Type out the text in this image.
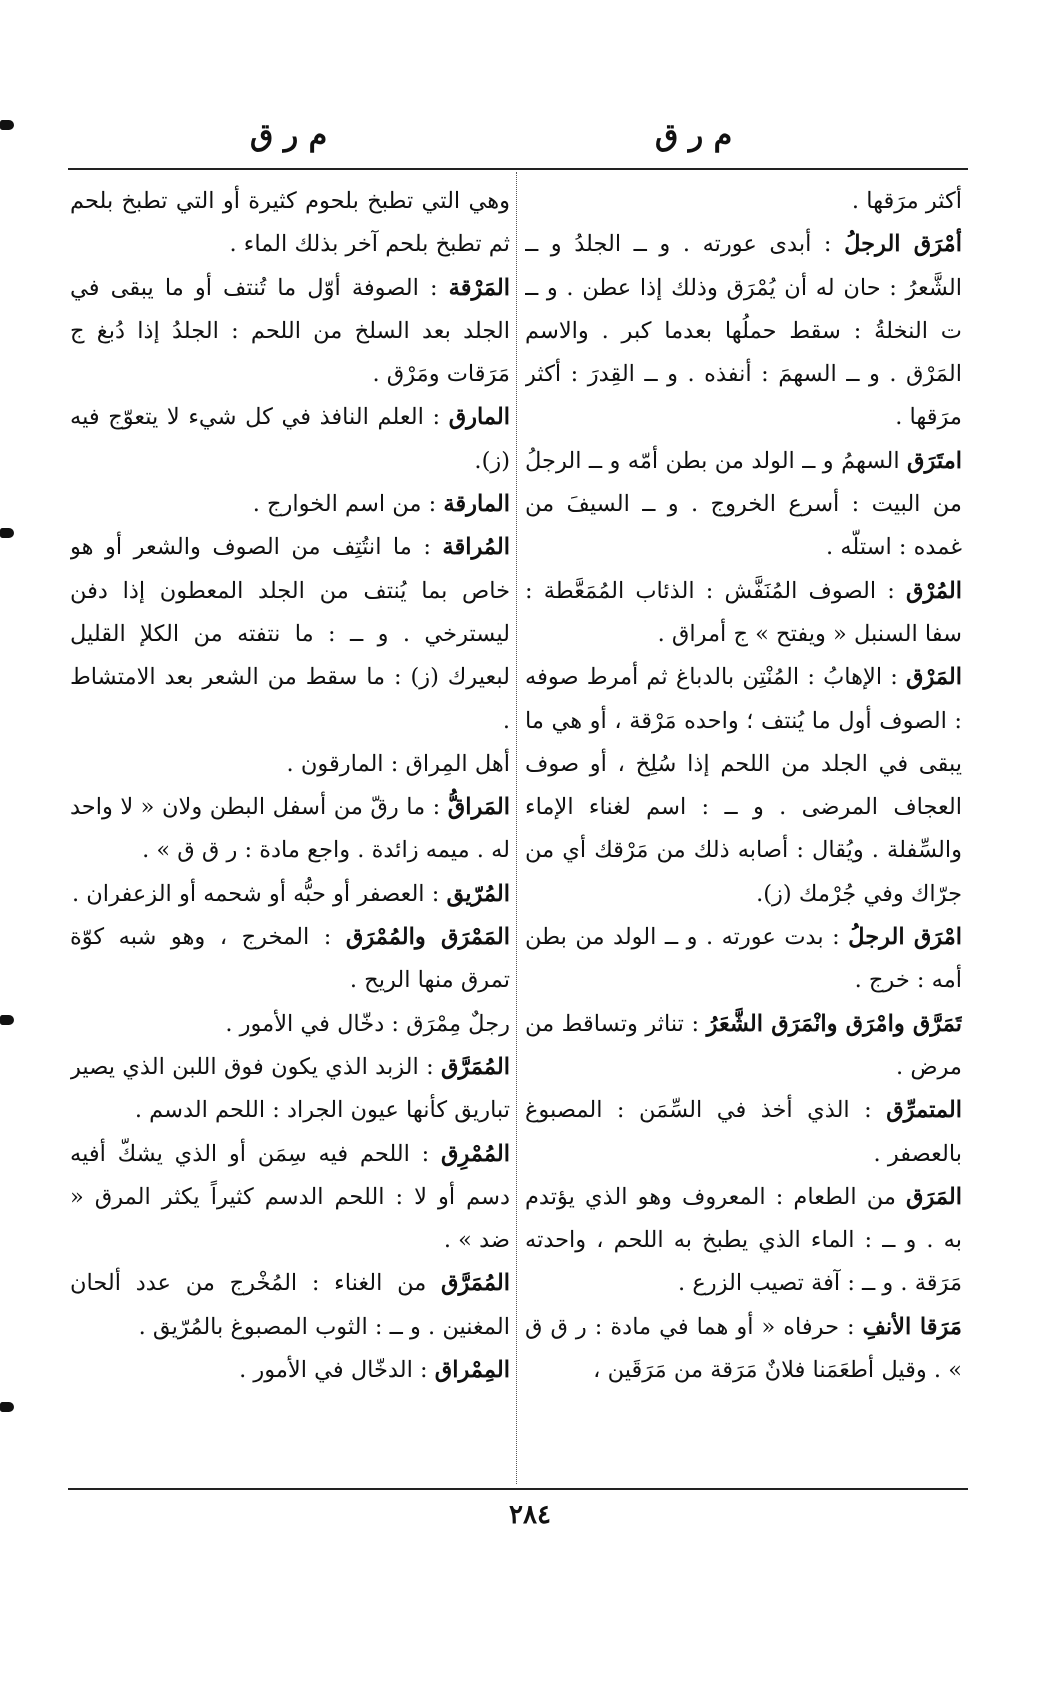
م ر ق
م ر ق

أكثر مرَقها .

أمْرَق الرجلُ : أبدى عورته . و ــ الجلدُ و ــ الشَّعرُ : حان له أن يُمْرَق وذلك إذا عطن . و ــ ت النخلةُ : سقط حملُها بعدما كبر . والاسم المَرْق . و ــ السهمَ : أنفذه . و ــ القِدرَ : أكثر مرَقها .

امتَرَق السهمُ و ــ الولد من بطن أمّه و ــ الرجلُ من البيت : أسرع الخروج . و ــ السيفَ من غمده : استلّه .

المُرْق : الصوف المُنَفَّش : الذئاب المُمَعَّطة : سفا السنبل « ويفتح » ج أمراق .

المَرْق : الإهابُ : المُنْتِن بالدباغ ثم أمرط صوفه : الصوف أول ما يُنتف ؛ واحده مَرْقة ، أو هي ما يبقى في الجلد من اللحم إذا سُلِخ ، أو صوف العجاف المرضى . و ــ : اسم لغناء الإماء والسِّفلة . ويُقال : أصابه ذلك من مَرْقك أي من جرّاك وفي جُرْمك (ز).

امْرَق الرجلُ : بدت عورته . و ــ الولد من بطن أمه : خرج .

تَمَرَّق وامْرَق وانْمَرَق الشَّعَرُ : تناثر وتساقط من مرض .

المتمرِّق : الذي أخذ في السِّمَن : المصبوغ بالعصفر .

المَرَق من الطعام : المعروف وهو الذي يؤتدم به . و ــ : الماء الذي يطبخ به اللحم ، واحدته مَرَقة . و ــ : آفة تصيب الزرع .

مَرَقا الأنفِ : حرفاه « أو هما في مادة : ر ق ق » . وقيل أطعَمَنا فلانٌ مَرَقة من مَرَقَين ،

وهي التي تطبخ بلحوم كثيرة أو التي تطبخ بلحم ثم تطبخ بلحم آخر بذلك الماء .

المَرْقة : الصوفة أوّل ما تُنتف أو ما يبقى في الجلد بعد السلخ من اللحم : الجلدُ إذا دُبغ ج مَرَقات ومَرْق .

المارق : العلم النافذ في كل شيء لا يتعوّج فيه (ز).

المارقة : من اسم الخوارج .

المُراقة : ما انتُتِف من الصوف والشعر أو هو خاص بما يُنتف من الجلد المعطون إذا دفن ليسترخي . و ــ : ما نتفته من الكلإ القليل لبعيرك (ز) : ما سقط من الشعر بعد الامتشاط .

أهل المِراق : المارقون .

المَراقُّ : ما رقّ من أسفل البطن ولان « لا واحد له . ميمه زائدة . واجع مادة : ر ق ق » .

المُرّيق : العصفر أو حبُّه أو شحمه أو الزعفران .

المَمْرَق والمُمْرَق : المخرج ، وهو شبه كوّة تمرق منها الريح .

رجلٌ مِمْرَق : دخّال في الأمور .

المُمَرَّق : الزبد الذي يكون فوق اللبن الذي يصير تباريق كأنها عيون الجراد : اللحم الدسم .

المُمْرِق : اللحم فيه سِمَن أو الذي يشكّ أفيه دسم أو لا : اللحم الدسم كثيراً يكثر المرق « ضد » .

المُمَرَّق من الغناء : المُخْرج من عدد ألحان المغنين . و ــ : الثوب المصبوغ بالمُرّيق .

المِمْراق : الدخّال في الأمور .

٢٨٤
